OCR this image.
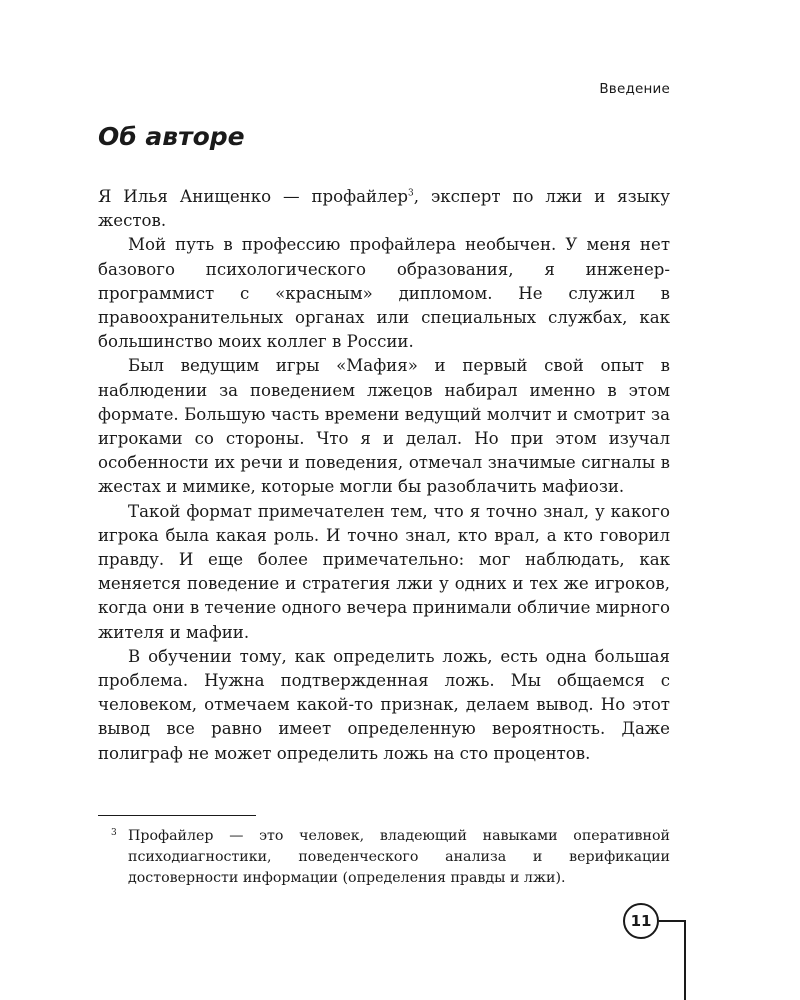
Введение
Об авторе

Я Илья Анищенко — профайлер$^3$, эксперт по лжи и языку жестов.

Мой путь в профессию профайлера необычен. У меня нет базового психологического образования, я инженер-программист с «красным» дипломом. Не служил в правоохранительных органах или специальных службах, как большинство моих коллег в России.

Был ведущим игры «Мафия» и первый свой опыт в наблюдении за поведением лжецов набирал именно в этом формате. Большую часть времени ведущий молчит и смотрит за игроками со стороны. Что я и делал. Но при этом изучал особенности их речи и поведения, отмечал значимые сигналы в жестах и мимике, которые могли бы разоблачить мафиози.

Такой формат примечателен тем, что я точно знал, у какого игрока была какая роль. И точно знал, кто врал, а кто говорил правду. И еще более примечательно: мог наблюдать, как меняется поведение и стратегия лжи у одних и тех же игроков, когда они в течение одного вечера принимали обличие мирного жителя и мафии.

В обучении тому, как определить ложь, есть одна большая проблема. Нужна подтвержденная ложь. Мы общаемся с человеком, отмечаем какой-то признак, делаем вывод. Но этот вывод все равно имеет определенную вероятность. Даже полиграф не может определить ложь на сто процентов.

3 Профайлер — это человек, владеющий навыками оперативной психодиагностики, поведенческого анализа и верификации достоверности информации (определения правды и лжи).

11
